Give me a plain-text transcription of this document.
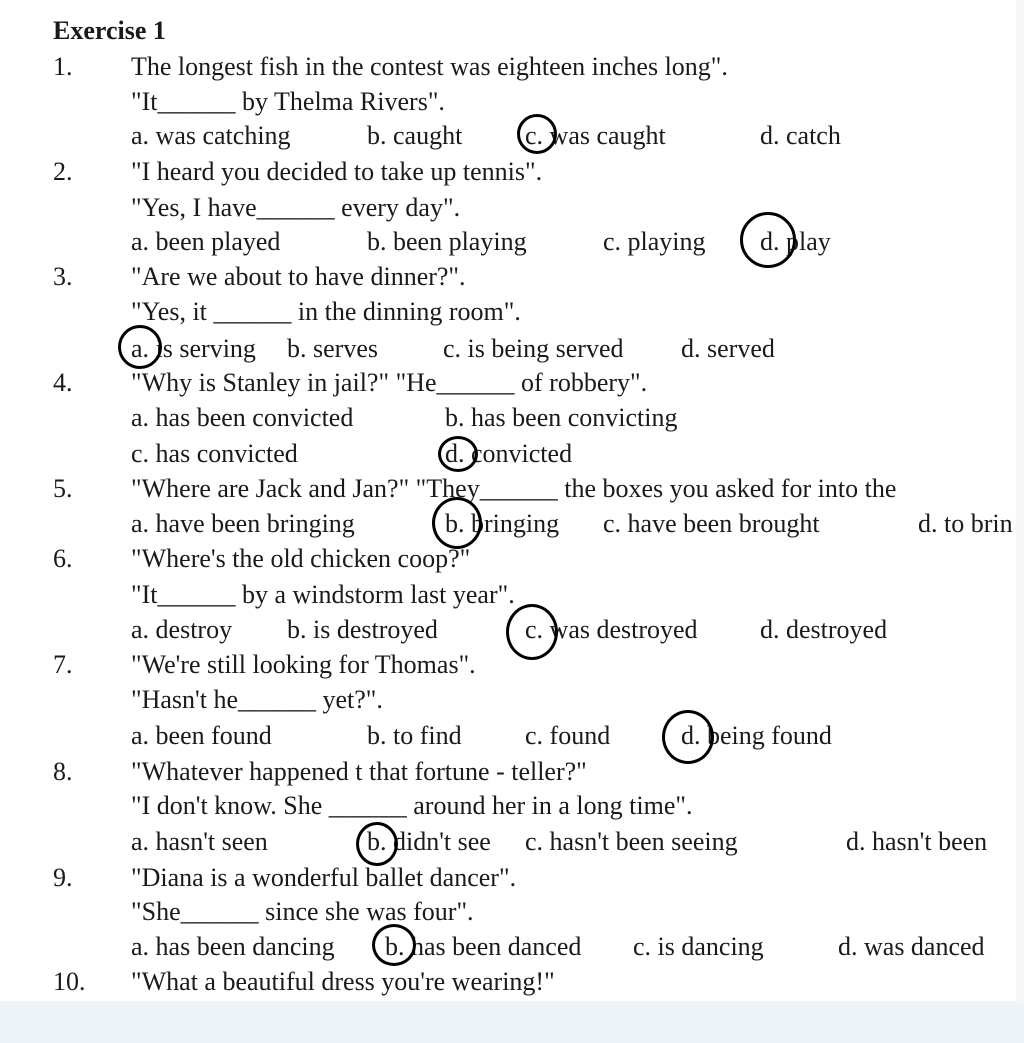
Exercise 1
1. The longest fish in the contest was eighteen inches long".
"It______ by Thelma Rivers".
a. was catching	b. caught c. was caught	d. catch
2. "I heard you decided to take up tennis".
"Yes, I have______ every day".
a. been played	b. been playing	c. playing d. play
3. "Are we about to have dinner?".
"Yes, it ______ in the dinning room".
a. is serving b. serves	c. is being served d. served
4. "Why is Stanley in jail?" "He______ of robbery".
a. has been convicted	b. has been convicting
c. has convicted	d. convicted
5. "Where are Jack and Jan?" "They______ the boxes you asked for into the
a. have been bringing	b. bringing c. have been brought	d. to brin
6. "Where's the old chicken coop?"
"It______ by a windstorm last year".
a. destroy b. is destroyed	c. was destroyed d. destroyed
7. "We're still looking for Thomas".
"Hasn't he______ yet?".
a. been found	b. to find c. found	d. being found
8. "Whatever happened t that fortune - teller?"
"I don't know. She ______ around her in a long time".
a. hasn't seen	b. didn't see c. hasn't been seeing	d. hasn't been
9. "Diana is a wonderful ballet dancer".
"She______ since she was four".
a. has been dancing b. has been danced c. is dancing	d. was danced
10. "What a beautiful dress you're wearing!"
